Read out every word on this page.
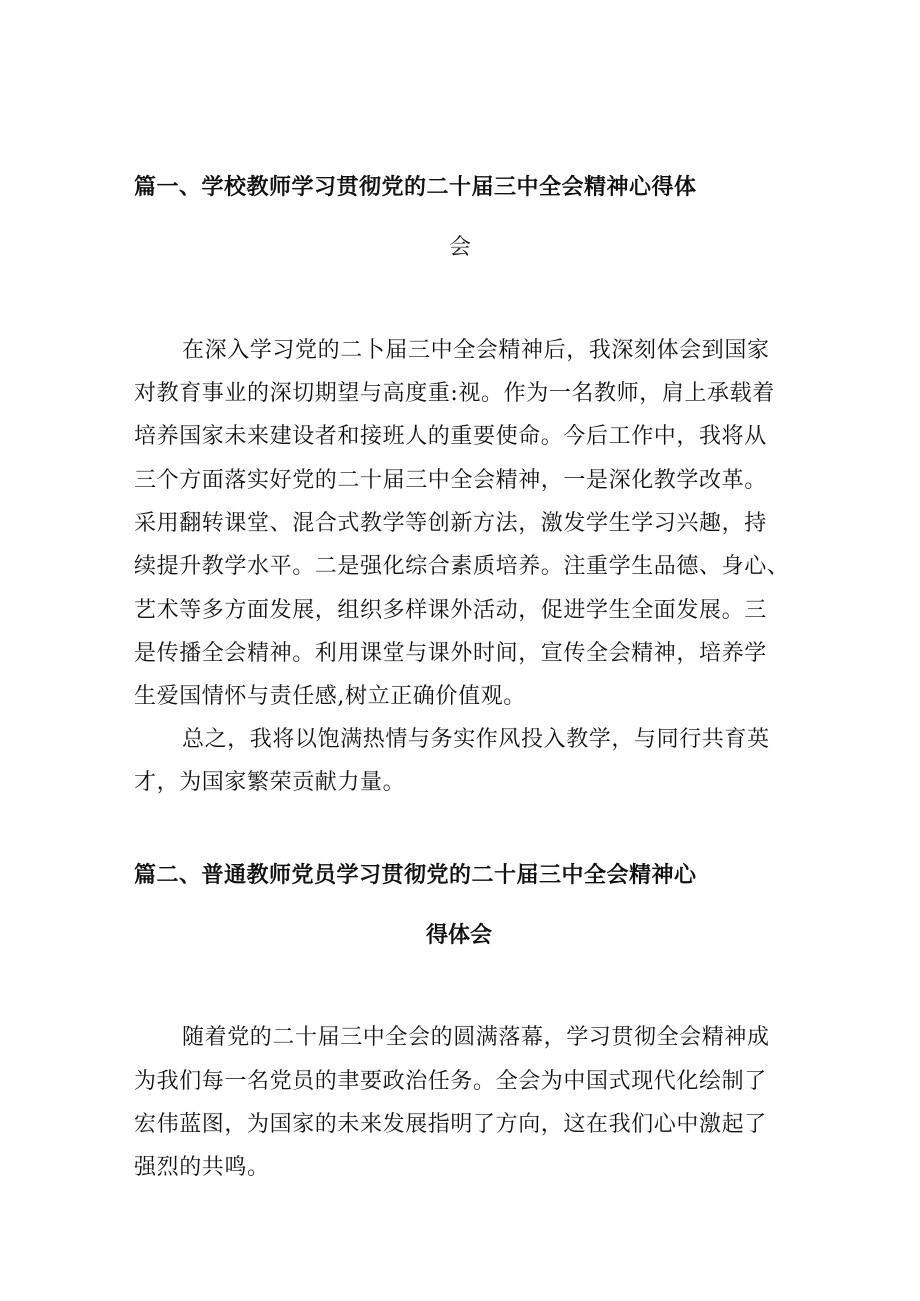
篇一、学校教师学习贯彻党的二十届三中全会精神心得体
会

在深入学习党的二卜届三中全会精神后，我深刻体会到国家

对教育事业的深切期望与高度重:视。作为一名教师，肩上承载着

培养国家未来建设者和接班人的重要使命。今后工作中，我将从

三个方面落实好党的二十届三中全会精神，一是深化教学改革。

采用翻转课堂、混合式教学等创新方法，激发学生学习兴趣，持

续提升教学水平。二是强化综合素质培养。注重学生品德、身心、

艺术等多方面发展，组织多样课外活动，促进学生全面发展。三

是传播全会精神。利用课堂与课外时间，宣传全会精神，培养学

生爱国情怀与责任感,树立正确价值观。

总之，我将以饱满热情与务实作风投入教学，与同行共育英

才，为国家繁荣贡献力量。

篇二、普通教师党员学习贯彻党的二十届三中全会精神心
得体会

随着党的二十届三中全会的圆满落幕，学习贯彻全会精神成

为我们每一名党员的聿要政治任务。全会为中国式现代化绘制了

宏伟蓝图，为国家的未来发展指明了方向，这在我们心中激起了

强烈的共鸣。
